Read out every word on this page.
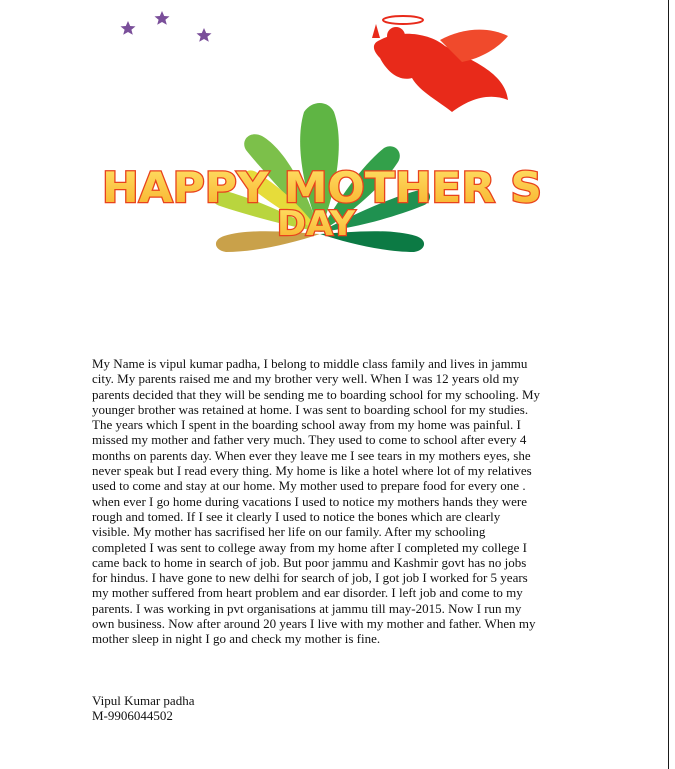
HAPPY MOTHER S
DAY

My Name is vipul kumar padha, I belong to middle class family and lives in jammu
city. My parents raised me and my brother very well. When I was 12 years old my
parents decided that they will be sending me to boarding school for my schooling. My
younger brother was retained at home. I was sent to boarding school for my studies.
The years which I spent in the boarding school away from my home was painful. I
missed my mother and father very much. They used to come to school after every 4
months on parents day. When ever they leave me I see tears in my mothers eyes, she
never speak but I read every thing. My home is like a hotel where lot of my relatives
used to come and stay at our home. My mother used to prepare food for every one .
when ever I go home during vacations I used to notice my mothers hands they were
rough and tomed. If I see it clearly I used to notice the bones which are clearly
visible. My mother has sacrifised her life on our family. After my schooling
completed I was sent to college away from my home after I completed my college I
came back to home in search of job. But poor jammu and Kashmir govt has no jobs
for hindus. I have gone to new delhi for search of job, I got job I worked for 5 years
my mother suffered from heart problem and ear disorder. I left job and come to my
parents. I was working in pvt organisations at jammu till may-2015. Now I run my
own business. Now after around 20 years I live with my mother and father. When my
mother sleep in night I go and check my mother is fine.

Vipul Kumar padha
M-9906044502
